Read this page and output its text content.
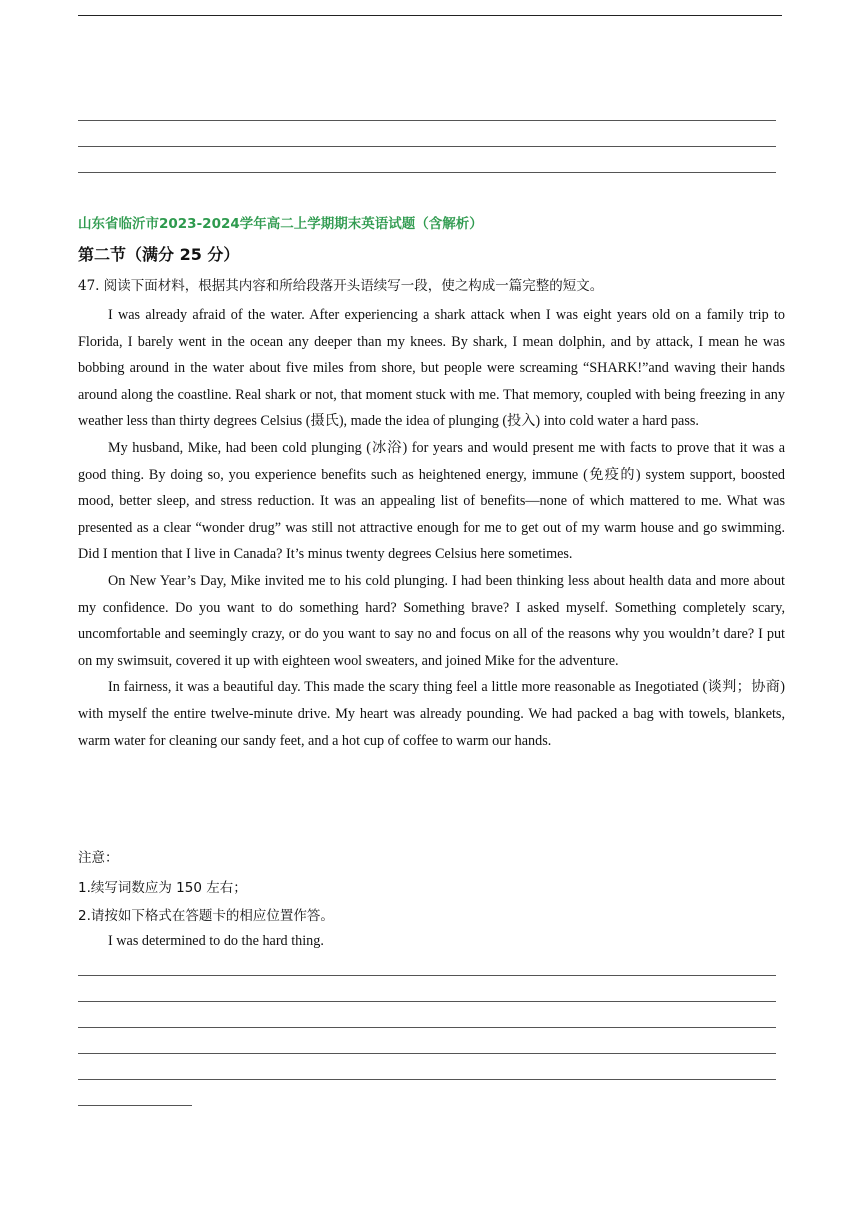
山东省临沂市2023-2024学年高二上学期期末英语试题（含解析）
第二节（满分 25 分）
47. 阅读下面材料，根据其内容和所给段落开头语续写一段，使之构成一篇完整的短文。

I was already afraid of the water. After experiencing a shark attack when I was eight years old on a family trip to Florida, I barely went in the ocean any deeper than my knees. By shark, I mean dolphin, and by attack, I mean he was bobbing around in the water about five miles from shore, but people were screaming “SHARK!”and waving their hands around along the coastline. Real shark or not, that moment stuck with me. That memory, coupled with being freezing in any weather less than thirty degrees Celsius (摄氏), made the idea of plunging (投入) into cold water a hard pass.

My husband, Mike, had been cold plunging (冰浴) for years and would present me with facts to prove that it was a good thing. By doing so, you experience benefits such as heightened energy, immune (免疫的) system support, boosted mood, better sleep, and stress reduction. It was an appealing list of benefits—none of which mattered to me. What was presented as a clear “wonder drug” was still not attractive enough for me to get out of my warm house and go swimming. Did I mention that I live in Canada? It’s minus twenty degrees Celsius here sometimes.

On New Year’s Day, Mike invited me to his cold plunging. I had been thinking less about health data and more about my confidence. Do you want to do something hard? Something brave? I asked myself. Something completely scary, uncomfortable and seemingly crazy, or do you want to say no and focus on all of the reasons why you wouldn’t dare? I put on my swimsuit, covered it up with eighteen wool sweaters, and joined Mike for the adventure.

In fairness, it was a beautiful day. This made the scary thing feel a little more reasonable as Inegotiated (谈判；协商) with myself the entire twelve-minute drive. My heart was already pounding. We had packed a bag with towels, blankets, warm water for cleaning our sandy feet, and a hot cup of coffee to warm our hands.

注意：
1.续写词数应为 150 左右；
2.请按如下格式在答题卡的相应位置作答。
I was determined to do the hard thing.
